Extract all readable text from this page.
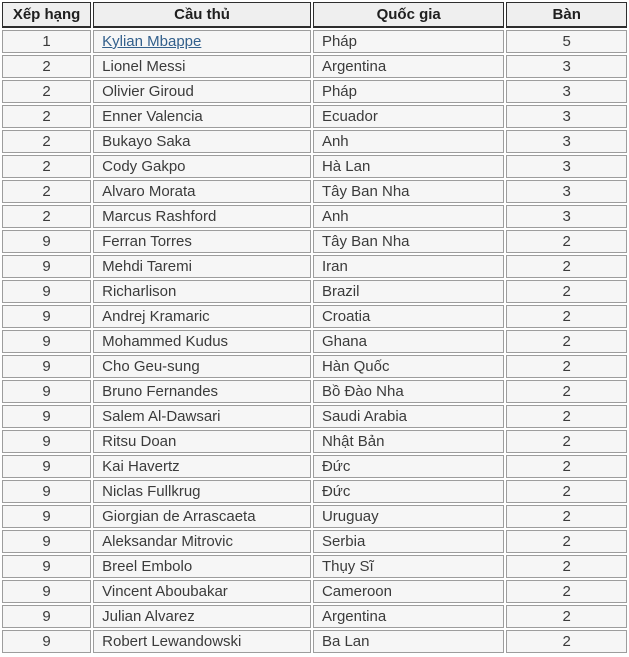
Xếp hạng	Cầu thủ	Quốc gia	Bàn
1	Kylian Mbappe	Pháp	5
2	Lionel Messi	Argentina	3
2	Olivier Giroud	Pháp	3
2	Enner Valencia	Ecuador	3
2	Bukayo Saka	Anh	3
2	Cody Gakpo	Hà Lan	3
2	Alvaro Morata	Tây Ban Nha	3
2	Marcus Rashford	Anh	3
9	Ferran Torres	Tây Ban Nha	2
9	Mehdi Taremi	Iran	2
9	Richarlison	Brazil	2
9	Andrej Kramaric	Croatia	2
9	Mohammed Kudus	Ghana	2
9	Cho Geu-sung	Hàn Quốc	2
9	Bruno Fernandes	Bồ Đào Nha	2
9	Salem Al-Dawsari	Saudi Arabia	2
9	Ritsu Doan	Nhật Bản	2
9	Kai Havertz	Đức	2
9	Niclas Fullkrug	Đức	2
9	Giorgian de Arrascaeta	Uruguay	2
9	Aleksandar Mitrovic	Serbia	2
9	Breel Embolo	Thụy Sĩ	2
9	Vincent Aboubakar	Cameroon	2
9	Julian Alvarez	Argentina	2
9	Robert Lewandowski	Ba Lan	2
